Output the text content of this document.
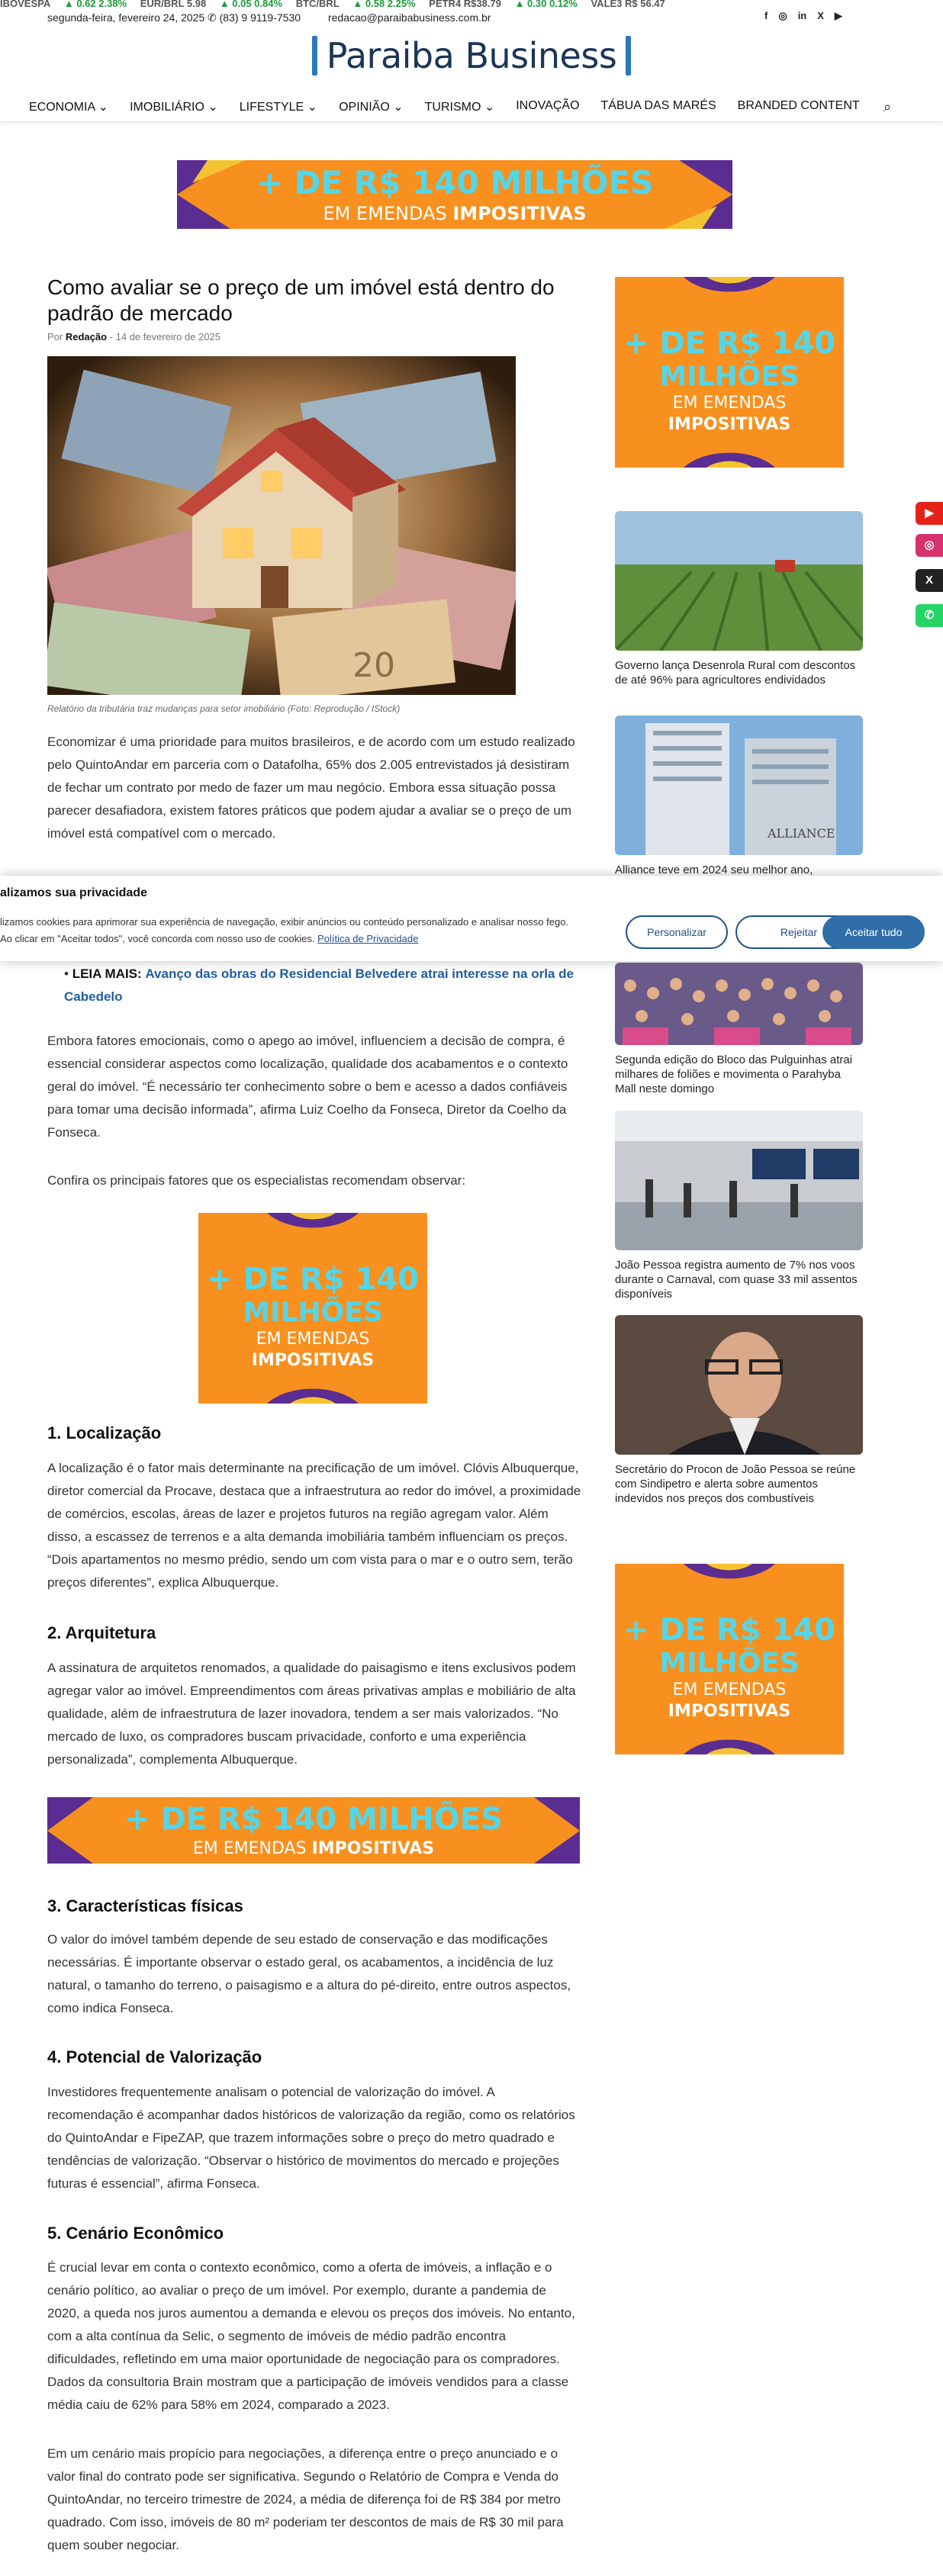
IBOVESPA ▲ 0.62 2.38% EUR/BRL 5.98 ▲ 0.05 0.84% BTC/BRL ▲ 0.58 2.25% PETR4 R$38.79 ▲ 0.30 0.12% VALE3 R$ 56.47
segunda-feira, fevereiro 24, 2025 ✆ (83) 9 9119-7530	redacao@paraibabusiness.com.br	f ◎ in X ▶
Paraiba Business
ECONOMIA ⌄ IMOBILIÁRIO ⌄ LIFESTYLE ⌄ OPINIÃO ⌄ TURISMO ⌄ INOVAÇÃO TÁBUA DAS MARÉS BRANDED CONTENT ⌕
+ DE R$ 140 MILHÕES
EM EMENDAS IMPOSITIVAS
Como avaliar se o preço de um imóvel está dentro do padrão de mercado
Por Redação - 14 de fevereiro de 2025
20
Relatório da tributária traz mudanças para setor imobiliário (Foto: Reprodução / IStock)
Economizar é uma prioridade para muitos brasileiros, e de acordo com um estudo realizado pelo QuintoAndar em parceria com o Datafolha, 65% dos 2.005 entrevistados já desistiram de fechar um contrato por medo de fazer um mau negócio. Embora essa situação possa parecer desafiadora, existem fatores práticos que podem ajudar a avaliar se o preço de um imóvel está compatível com o mercado.
alizamos sua privacidade
lizamos cookies para aprimorar sua experiência de navegação, exibir anúncios ou conteúdo personalizado e analisar nosso fego. Ao clicar em "Aceitar todos", você concorda com nosso uso de cookies. Política de Privacidade
Personalizar	Rejeitar	Aceitar tudo
• LEIA MAIS: Avanço das obras do Residencial Belvedere atrai interesse na orla de Cabedelo
Embora fatores emocionais, como o apego ao imóvel, influenciem a decisão de compra, é essencial considerar aspectos como localização, qualidade dos acabamentos e o contexto geral do imóvel. “É necessário ter conhecimento sobre o bem e acesso a dados confiáveis para tomar uma decisão informada”, afirma Luiz Coelho da Fonseca, Diretor da Coelho da Fonseca.
Confira os principais fatores que os especialistas recomendam observar:
+ DE R$ 140
MILHÕES
EM EMENDAS
IMPOSITIVAS
1. Localização
A localização é o fator mais determinante na precificação de um imóvel. Clóvis Albuquerque, diretor comercial da Procave, destaca que a infraestrutura ao redor do imóvel, a proximidade de comércios, escolas, áreas de lazer e projetos futuros na região agregam valor. Além disso, a escassez de terrenos e a alta demanda imobiliária também influenciam os preços. “Dois apartamentos no mesmo prédio, sendo um com vista para o mar e o outro sem, terão preços diferentes”, explica Albuquerque.
2. Arquitetura
A assinatura de arquitetos renomados, a qualidade do paisagismo e itens exclusivos podem agregar valor ao imóvel. Empreendimentos com áreas privativas amplas e mobiliário de alta qualidade, além de infraestrutura de lazer inovadora, tendem a ser mais valorizados. “No mercado de luxo, os compradores buscam privacidade, conforto e uma experiência personalizada”, complementa Albuquerque.
+ DE R$ 140 MILHÕES
EM EMENDAS IMPOSITIVAS
3. Características físicas
O valor do imóvel também depende de seu estado de conservação e das modificações necessárias. É importante observar o estado geral, os acabamentos, a incidência de luz natural, o tamanho do terreno, o paisagismo e a altura do pé-direito, entre outros aspectos, como indica Fonseca.
4. Potencial de Valorização
Investidores frequentemente analisam o potencial de valorização do imóvel. A recomendação é acompanhar dados históricos de valorização da região, como os relatórios do QuintoAndar e FipeZAP, que trazem informações sobre o preço do metro quadrado e tendências de valorização. “Observar o histórico de movimentos do mercado e projeções futuras é essencial”, afirma Fonseca.
5. Cenário Econômico
É crucial levar em conta o contexto econômico, como a oferta de imóveis, a inflação e o cenário político, ao avaliar o preço de um imóvel. Por exemplo, durante a pandemia de 2020, a queda nos juros aumentou a demanda e elevou os preços dos imóveis. No entanto, com a alta contínua da Selic, o segmento de imóveis de médio padrão encontra dificuldades, refletindo em uma maior oportunidade de negociação para os compradores. Dados da consultoria Brain mostram que a participação de imóveis vendidos para a classe média caiu de 62% para 58% em 2024, comparado a 2023.
Em um cenário mais propício para negociações, a diferença entre o preço anunciado e o valor final do contrato pode ser significativa. Segundo o Relatório de Compra e Venda do QuintoAndar, no terceiro trimestre de 2024, a média de diferença foi de R$ 384 por metro quadrado. Com isso, imóveis de 80 m² poderiam ter descontos de mais de R$ 30 mil para quem souber negociar.
+ DE R$ 140
MILHÕES
EM EMENDAS
IMPOSITIVAS
Governo lança Desenrola Rural com descontos de até 96% para agricultores endividados
ALLIANCE
Alliance teve em 2024 seu melhor ano,
Segunda edição do Bloco das Pulguinhas atrai milhares de foliões e movimenta o Parahyba Mall neste domingo
João Pessoa registra aumento de 7% nos voos durante o Carnaval, com quase 33 mil assentos disponíveis
Secretário do Procon de João Pessoa se reúne com Sindipetro e alerta sobre aumentos indevidos nos preços dos combustíveis
+ DE R$ 140
MILHÕES
EM EMENDAS
IMPOSITIVAS
▶
◎
X
✆
